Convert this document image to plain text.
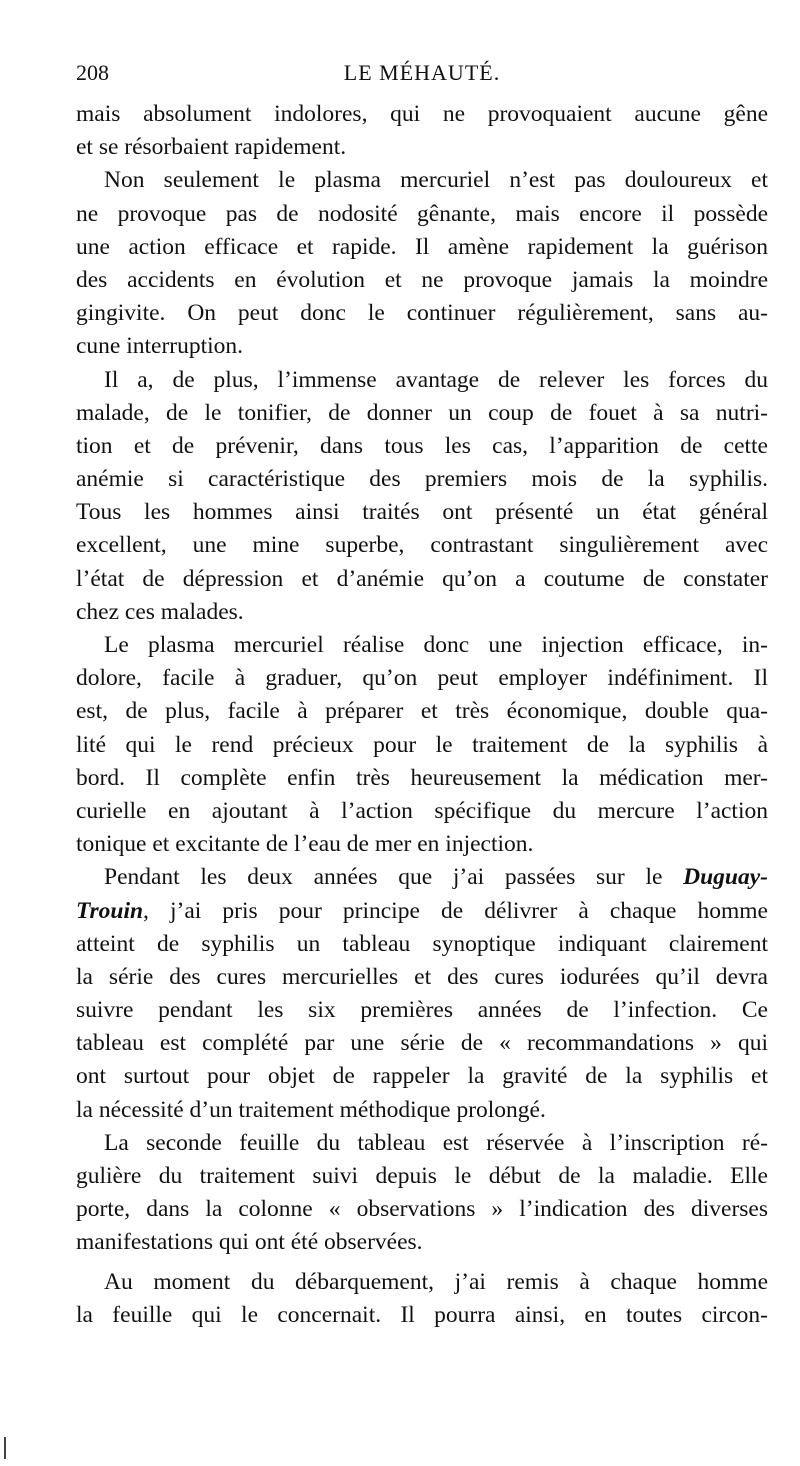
208	LE MÉHAUTÉ.
mais absolument indolores, qui ne provoquaient aucune gêne
et se résorbaient rapidement.
Non seulement le plasma mercuriel n’est pas douloureux et
ne provoque pas de nodosité gênante, mais encore il possède
une action efficace et rapide. Il amène rapidement la guérison
des accidents en évolution et ne provoque jamais la moindre
gingivite. On peut donc le continuer régulièrement, sans au-
cune interruption.
Il a, de plus, l’immense avantage de relever les forces du
malade, de le tonifier, de donner un coup de fouet à sa nutri-
tion et de prévenir, dans tous les cas, l’apparition de cette
anémie si caractéristique des premiers mois de la syphilis.
Tous les hommes ainsi traités ont présenté un état général
excellent, une mine superbe, contrastant singulièrement avec
l’état de dépression et d’anémie qu’on a coutume de constater
chez ces malades.
Le plasma mercuriel réalise donc une injection efficace, in-
dolore, facile à graduer, qu’on peut employer indéfiniment. Il
est, de plus, facile à préparer et très économique, double qua-
lité qui le rend précieux pour le traitement de la syphilis à
bord. Il complète enfin très heureusement la médication mer-
curielle en ajoutant à l’action spécifique du mercure l’action
tonique et excitante de l’eau de mer en injection.
Pendant les deux années que j’ai passées sur le Duguay-
Trouin, j’ai pris pour principe de délivrer à chaque homme
atteint de syphilis un tableau synoptique indiquant clairement
la série des cures mercurielles et des cures iodurées qu’il devra
suivre pendant les six premières années de l’infection. Ce
tableau est complété par une série de « recommandations » qui
ont surtout pour objet de rappeler la gravité de la syphilis et
la nécessité d’un traitement méthodique prolongé.
La seconde feuille du tableau est réservée à l’inscription ré-
gulière du traitement suivi depuis le début de la maladie. Elle
porte, dans la colonne « observations » l’indication des diverses
manifestations qui ont été observées.
Au moment du débarquement, j’ai remis à chaque homme
la feuille qui le concernait. Il pourra ainsi, en toutes circon-
